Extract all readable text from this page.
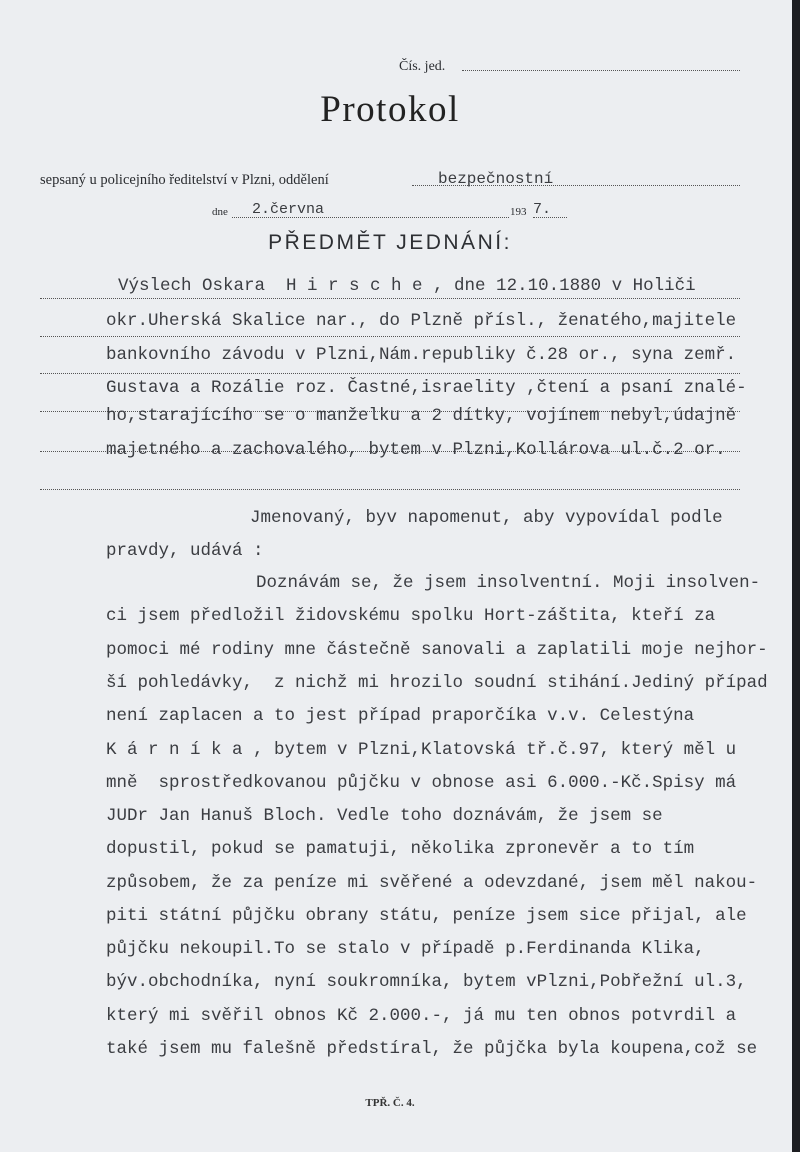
Čís. jed.
Protokol
sepsaný u policejního ředitelství v Plzni, oddělení	bezpečnostní
dne 2.června	193 7.
PŘEDMĚT JEDNÁNÍ:
Výslech Oskara  H i r s c h e , dne 12.10.1880 v Holiči
okr.Uherská Skalice nar., do Plzně přísl., ženatého,majitele
bankovního závodu v Plzni,Nám.republiky č.28 or., syna zemř.
Gustava a Rozálie roz. Častné,israelity ,čtení a psaní znalé-
ho,starajícího se o manželku a 2 dítky, vojínem nebyl,údajně
majetného a zachovalého, bytem v Plzni,Kollárova ul.č.2 or.
Jmenovaný, byv napomenut, aby vypovídal podle
pravdy, udává :
Doznávám se, že jsem insolventní. Moji insolven-
ci jsem předložil židovskému spolku Hort-záštita, kteří za
pomoci mé rodiny mne částečně sanovali a zaplatili moje nejhor-
ší pohledávky,  z nichž mi hrozilo soudní stihání.Jediný případ
není zaplacen a to jest případ praporčíka v.v. Celestýna
K á r n í k a , bytem v Plzni,Klatovská tř.č.97, který měl u
mně  sprostředkovanou půjčku v obnose asi 6.000.-Kč.Spisy má
JUDr Jan Hanuš Bloch. Vedle toho doznávám, že jsem se
dopustil, pokud se pamatuji, několika zpronevěr a to tím
způsobem, že za peníze mi svěřené a odevzdané, jsem měl nakou-
piti státní půjčku obrany státu, peníze jsem sice přijal, ale
půjčku nekoupil.To se stalo v případě p.Ferdinanda Klika,
býv.obchodníka, nyní soukromníka, bytem vPlzni,Pobřežní ul.3,
který mi svěřil obnos Kč 2.000.-, já mu ten obnos potvrdil a
také jsem mu falešně předstíral, že půjčka byla koupena,což se
TPŘ. Č. 4.
